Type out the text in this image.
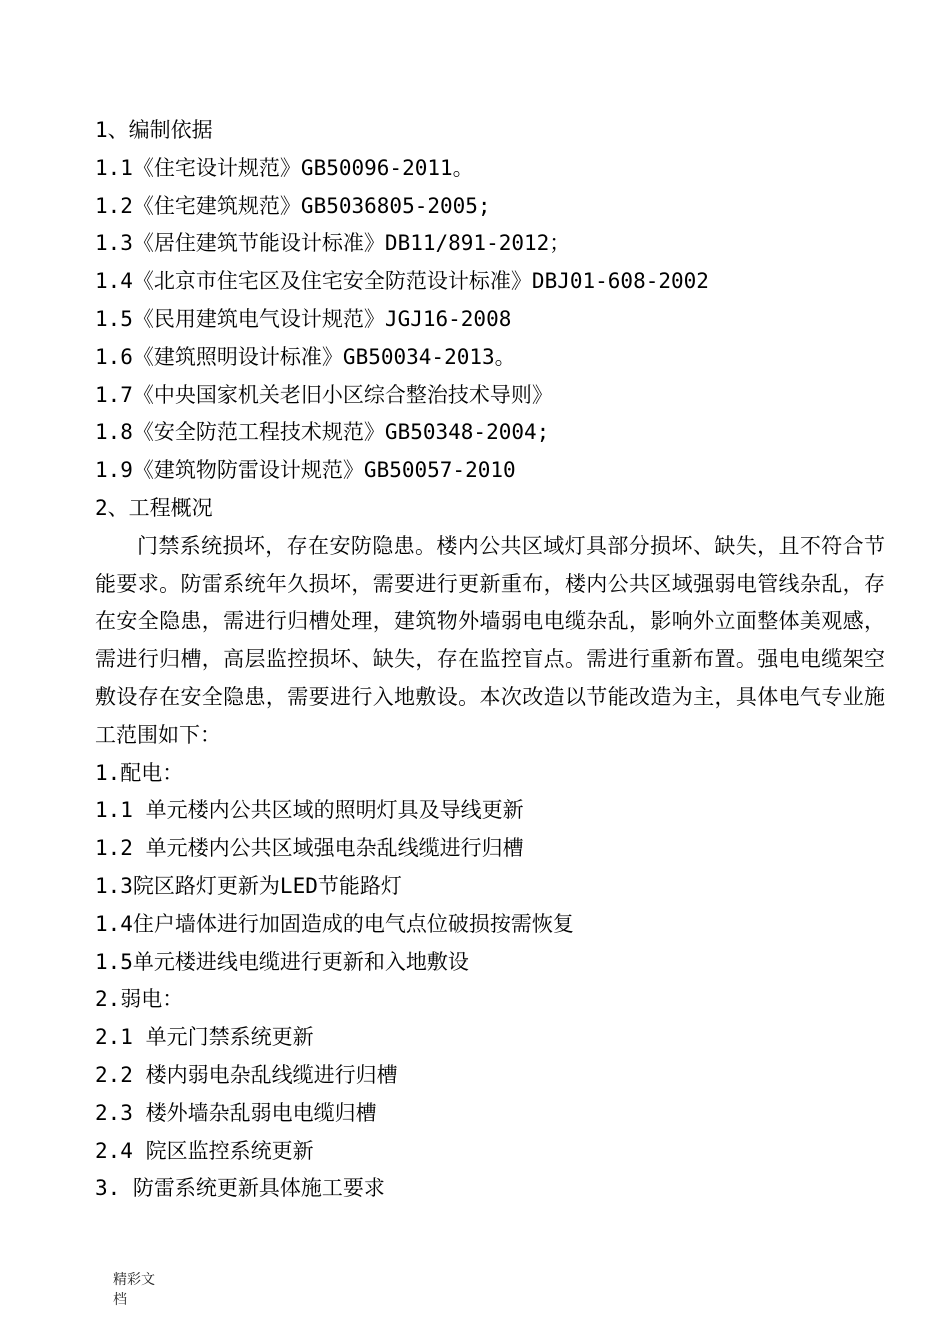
1、编制依据
1.1《住宅设计规范》GB50096-2011。
1.2《住宅建筑规范》GB5036805-2005;
1.3《居住建筑节能设计标准》DB11/891-2012；
1.4《北京市住宅区及住宅安全防范设计标准》DBJ01-608-2002
1.5《民用建筑电气设计规范》JGJ16-2008
1.6《建筑照明设计标准》GB50034-2013。
1.7《中央国家机关老旧小区综合整治技术导则》
1.8《安全防范工程技术规范》GB50348-2004;
1.9《建筑物防雷设计规范》GB50057-2010
2、工程概况
门禁系统损坏，存在安防隐患。楼内公共区域灯具部分损坏、缺失，且不符合节能要求。防雷系统年久损坏，需要进行更新重布，楼内公共区域强弱电管线杂乱，存在安全隐患，需进行归槽处理，建筑物外墙弱电电缆杂乱，影响外立面整体美观感，需进行归槽，高层监控损坏、缺失，存在监控盲点。需进行重新布置。强电电缆架空敷设存在安全隐患，需要进行入地敷设。本次改造以节能改造为主，具体电气专业施工范围如下：
1.配电：
1.1 单元楼内公共区域的照明灯具及导线更新
1.2 单元楼内公共区域强电杂乱线缆进行归槽
1.3院区路灯更新为LED节能路灯
1.4住户墙体进行加固造成的电气点位破损按需恢复
1.5单元楼进线电缆进行更新和入地敷设
2.弱电：
2.1 单元门禁系统更新
2.2 楼内弱电杂乱线缆进行归槽
2.3 楼外墙杂乱弱电电缆归槽
2.4 院区监控系统更新
3. 防雷系统更新具体施工要求
精彩文
档
